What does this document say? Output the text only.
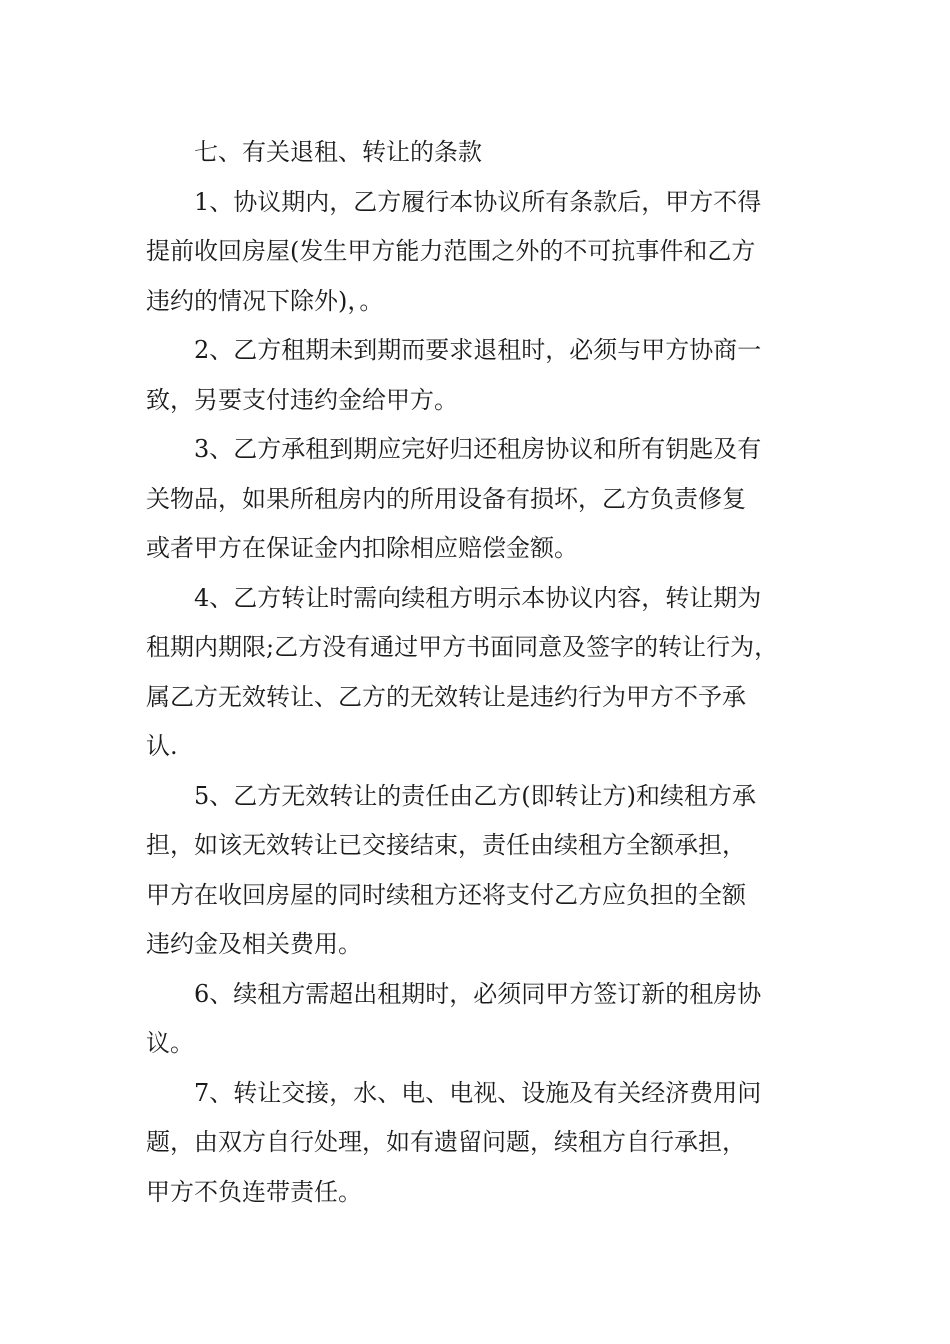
七、有关退租、转让的条款
1、协议期内，乙方履行本协议所有条款后，甲方不得
提前收回房屋(发生甲方能力范围之外的不可抗事件和乙方
违约的情况下除外)，。
2、乙方租期未到期而要求退租时，必须与甲方协商一
致，另要支付违约金给甲方。
3、乙方承租到期应完好归还租房协议和所有钥匙及有
关物品，如果所租房内的所用设备有损坏，乙方负责修复
或者甲方在保证金内扣除相应赔偿金额。
4、乙方转让时需向续租方明示本协议内容，转让期为
租期内期限;乙方没有通过甲方书面同意及签字的转让行为，
属乙方无效转让、乙方的无效转让是违约行为甲方不予承
认.
5、乙方无效转让的责任由乙方(即转让方)和续租方承
担，如该无效转让已交接结束，责任由续租方全额承担，
甲方在收回房屋的同时续租方还将支付乙方应负担的全额
违约金及相关费用。
6、续租方需超出租期时，必须同甲方签订新的租房协
议。
7、转让交接，水、电、电视、设施及有关经济费用问
题，由双方自行处理，如有遗留问题，续租方自行承担，
甲方不负连带责任。
